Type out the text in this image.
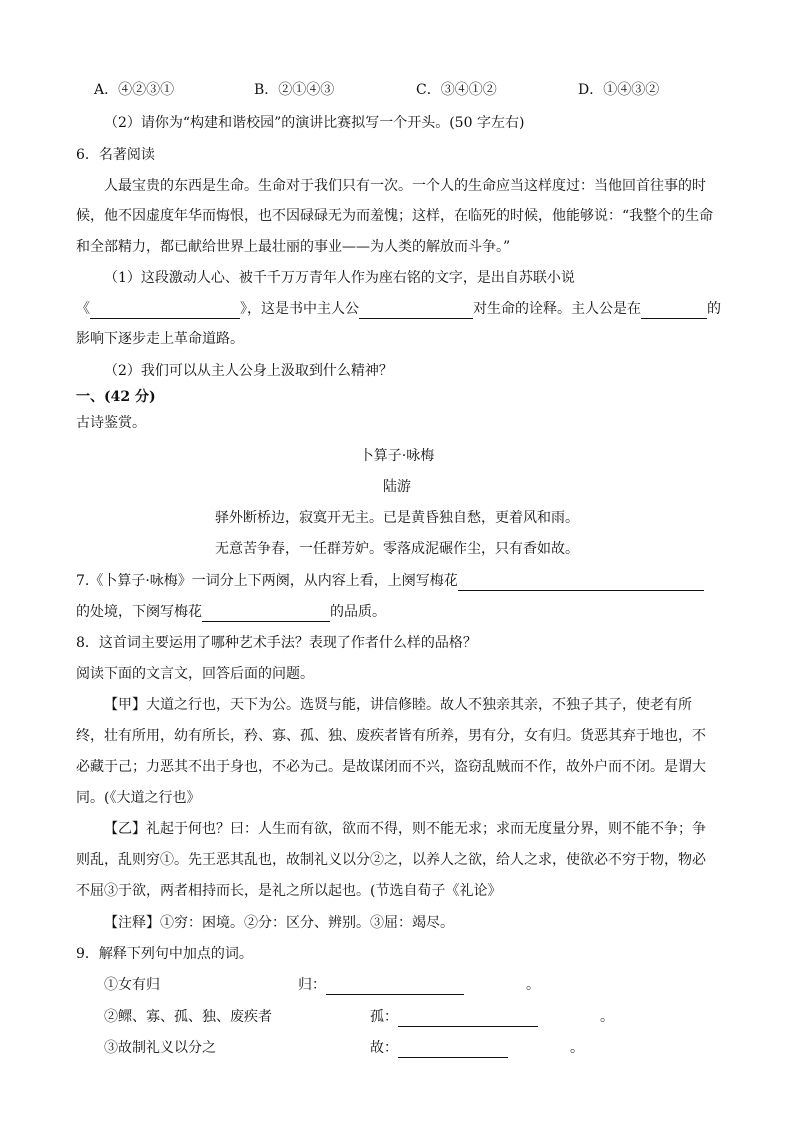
A．④②③①	B．②①④③	C．③④①②	D．①④③②
（2）请你为“构建和谐校园”的演讲比赛拟写一个开头。(50 字左右)
6．名著阅读
人最宝贵的东西是生命。生命对于我们只有一次。一个人的生命应当这样度过：当他回首往事的时
候，他不因虚度年华而悔恨，也不因碌碌无为而羞愧；这样，在临死的时候，他能够说：“我整个的生命
和全部精力，都已献给世界上最壮丽的事业——为人类的解放而斗争。”
（1）这段激动人心、被千千万万青年人作为座右铭的文字，是出自苏联小说
《	》，这是书中主人公	对生命的诠释。主人公是在	的
影响下逐步走上革命道路。
（2）我们可以从主人公身上汲取到什么精神？
一、(42 分)
古诗鉴赏。
卜算子·咏梅
陆游
驿外断桥边，寂寞开无主。已是黄昏独自愁，更着风和雨。
无意苦争春，一任群芳妒。零落成泥碾作尘，只有香如故。
7.《卜算子·咏梅》一词分上下两阕，从内容上看，上阕写梅花
的处境，下阕写梅花	的品质。
8．这首词主要运用了哪种艺术手法？表现了作者什么样的品格？
阅读下面的文言文，回答后面的问题。
【甲】大道之行也，天下为公。选贤与能，讲信修睦。故人不独亲其亲，不独子其子，使老有所
终，壮有所用，幼有所长，矜、寡、孤、独、废疾者皆有所养，男有分，女有归。货恶其弃于地也，不
必藏于己；力恶其不出于身也，不必为己。是故谋闭而不兴，盗窃乱贼而不作，故外户而不闭。是谓大
同。(《大道之行也》
【乙】礼起于何也？曰：人生而有欲，欲而不得，则不能无求；求而无度量分界，则不能不争；争
则乱，乱则穷①。先王恶其乱也，故制礼义以分②之，以养人之欲，给人之求，使欲必不穷于物，物必
不屈③于欲，两者相持而长，是礼之所以起也。(节选自荀子《礼论》
【注释】①穷：困境。②分：区分、辨别。③屈：竭尽。
9．解释下列句中加点的词。
①女有归	归：	。
②鳏、寡、孤、独、废疾者	孤：	。
③故制礼义以分之	故：	。
